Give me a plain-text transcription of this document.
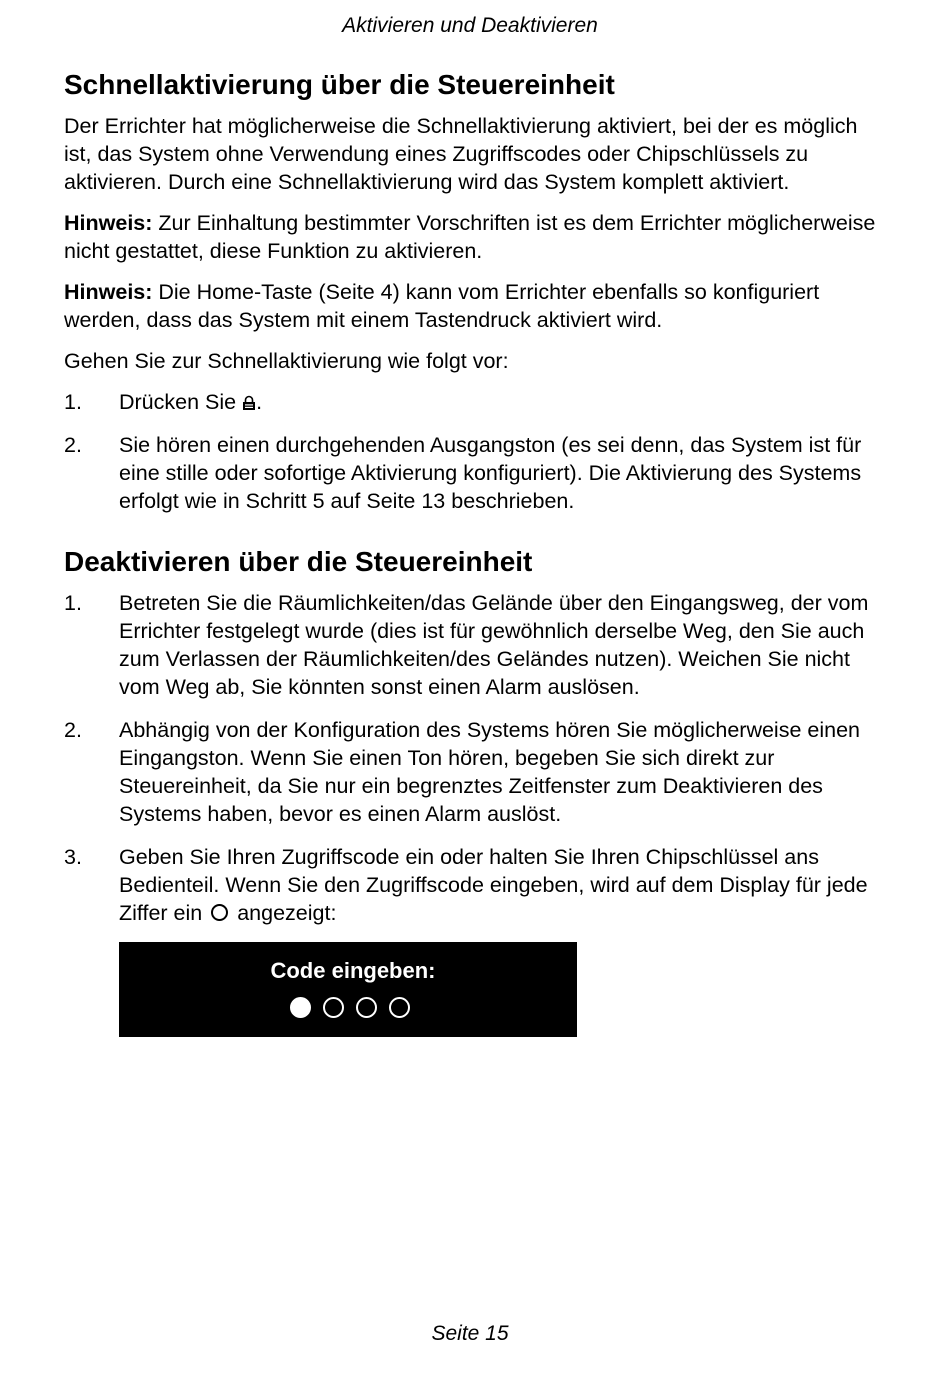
Aktivieren und Deaktivieren
Schnellaktivierung über die Steuereinheit

Der Errichter hat möglicherweise die Schnellaktivierung aktiviert, bei der es möglich ist, das System ohne Verwendung eines Zugriffscodes oder Chipschlüssels zu aktivieren. Durch eine Schnellaktivierung wird das System komplett aktiviert.

Hinweis: Zur Einhaltung bestimmter Vorschriften ist es dem Errichter möglicherweise nicht gestattet, diese Funktion zu aktivieren.

Hinweis: Die Home-Taste (Seite 4) kann vom Errichter ebenfalls so konfiguriert werden, dass das System mit einem Tastendruck aktiviert wird.

Gehen Sie zur Schnellaktivierung wie folgt vor:

1.	Drücken Sie .
2.	Sie hören einen durchgehenden Ausgangston (es sei denn, das System ist für eine stille oder sofortige Aktivierung konfiguriert). Die Aktivierung des Systems erfolgt wie in Schritt 5 auf Seite 13 beschrieben.
Deaktivieren über die Steuereinheit
1.	Betreten Sie die Räumlichkeiten/das Gelände über den Eingangsweg, der vom Errichter festgelegt wurde (dies ist für gewöhnlich derselbe Weg, den Sie auch zum Verlassen der Räumlichkeiten/des Geländes nutzen). Weichen Sie nicht vom Weg ab, Sie könnten sonst einen Alarm auslösen.
2.	Abhängig von der Konfiguration des Systems hören Sie möglicherweise einen Eingangston. Wenn Sie einen Ton hören, begeben Sie sich direkt zur Steuereinheit, da Sie nur ein begrenztes Zeitfenster zum Deaktivieren des Systems haben, bevor es einen Alarm auslöst.
3.	Geben Sie Ihren Zugriffscode ein oder halten Sie Ihren Chipschlüssel ans Bedienteil. Wenn Sie den Zugriffscode eingeben, wird auf dem Display für jede Ziffer ein  angezeigt:
Code eingeben:
Seite 15
